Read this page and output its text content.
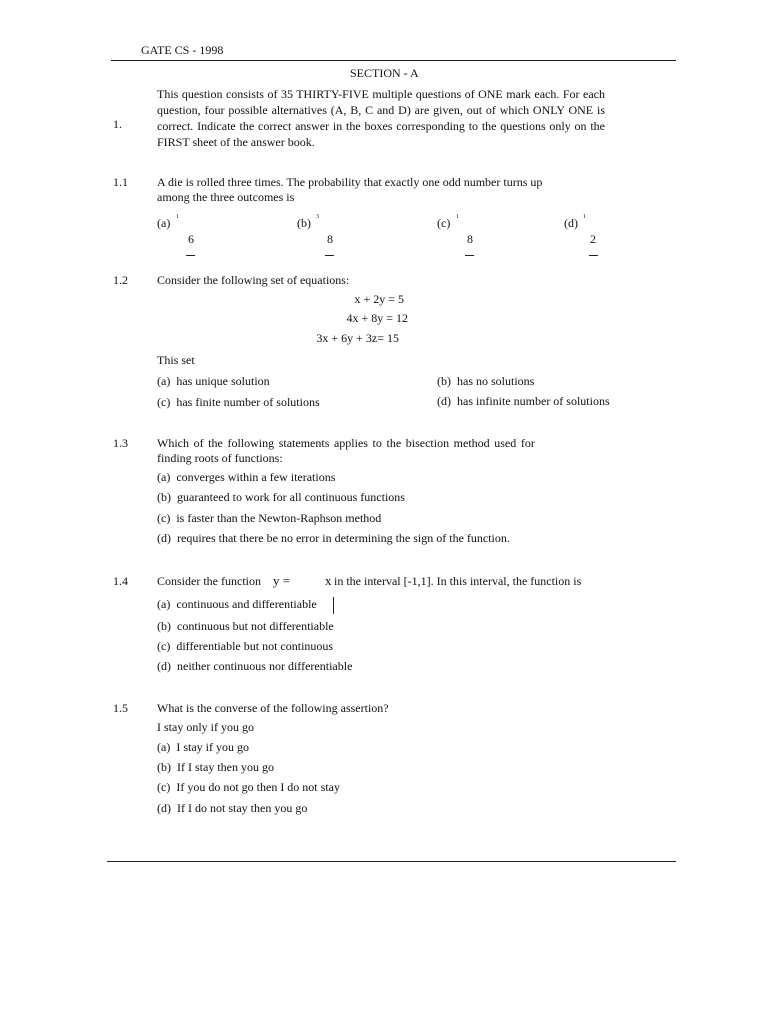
GATE CS - 1998
SECTION - A
1.
This question consists of 35 THIRTY-FIVE multiple questions of ONE mark each. For each question, four possible alternatives (A, B, C and D) are given, out of which ONLY ONE is correct. Indicate the correct answer in the boxes corresponding to the questions only on the FIRST sheet of the answer book.
1.1 A die is rolled three times. The probability that exactly one odd number turns up
among the three outcomes is
(a) 1
6
(b) 3
8
(c) 1
8
(d) 1
2
1.2 Consider the following set of equations:
x + 2y = 5
4x + 8y = 12
3x + 6y + 3z= 15
This set
(a) has unique solution	(b) has no solutions
(c) has finite number of solutions	(d) has infinite number of solutions
1.3 Which of the following statements applies to the bisection method used for
finding roots of functions:
(a) converges within a few iterations
(b) guaranteed to work for all continuous functions
(c) is faster than the Newton-Raphson method
(d) requires that there be no error in determining the sign of the function.
1.4 Consider the function y =	x in the interval [-1,1]. In this interval, the function is
(a) continuous and differentiable
(b) continuous but not differentiable
(c) differentiable but not continuous
(d) neither continuous nor differentiable
1.5 What is the converse of the following assertion?
I stay only if you go
(a) I stay if you go
(b) If I stay then you go
(c) If you do not go then I do not stay
(d) If I do not stay then you go
